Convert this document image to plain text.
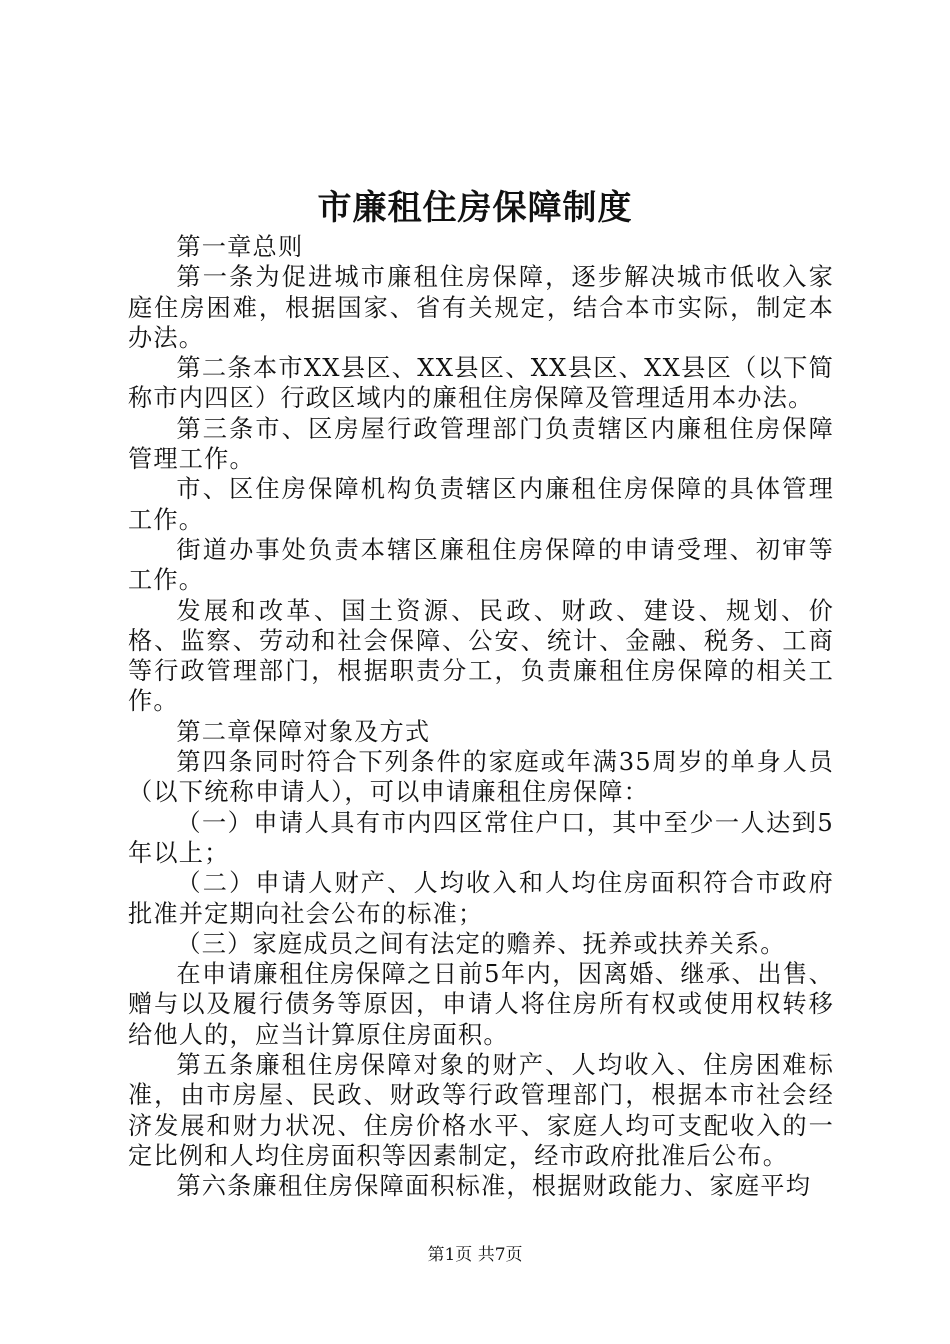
市廉租住房保障制度

第一章总则

第一条为促进城市廉租住房保障，逐步解决城市低收入家庭住房困难，根据国家、省有关规定，结合本市实际，制定本办法。

第二条本市XX县区、XX县区、XX县区、XX县区（以下简称市内四区）行政区域内的廉租住房保障及管理适用本办法。

第三条市、区房屋行政管理部门负责辖区内廉租住房保障管理工作。

市、区住房保障机构负责辖区内廉租住房保障的具体管理工作。

街道办事处负责本辖区廉租住房保障的申请受理、初审等工作。

发展和改革、国土资源、民政、财政、建设、规划、价格、监察、劳动和社会保障、公安、统计、金融、税务、工商等行政管理部门，根据职责分工，负责廉租住房保障的相关工作。

第二章保障对象及方式

第四条同时符合下列条件的家庭或年满35周岁的单身人员（以下统称申请人），可以申请廉租住房保障：

（一）申请人具有市内四区常住户口，其中至少一人达到5年以上；

（二）申请人财产、人均收入和人均住房面积符合市政府批准并定期向社会公布的标准；

（三）家庭成员之间有法定的赡养、抚养或扶养关系。

在申请廉租住房保障之日前5年内，因离婚、继承、出售、赠与以及履行债务等原因，申请人将住房所有权或使用权转移给他人的，应当计算原住房面积。

第五条廉租住房保障对象的财产、人均收入、住房困难标准，由市房屋、民政、财政等行政管理部门，根据本市社会经济发展和财力状况、住房价格水平、家庭人均可支配收入的一定比例和人均住房面积等因素制定，经市政府批准后公布。

第六条廉租住房保障面积标准，根据财政能力、家庭平均

第1页 共7页
